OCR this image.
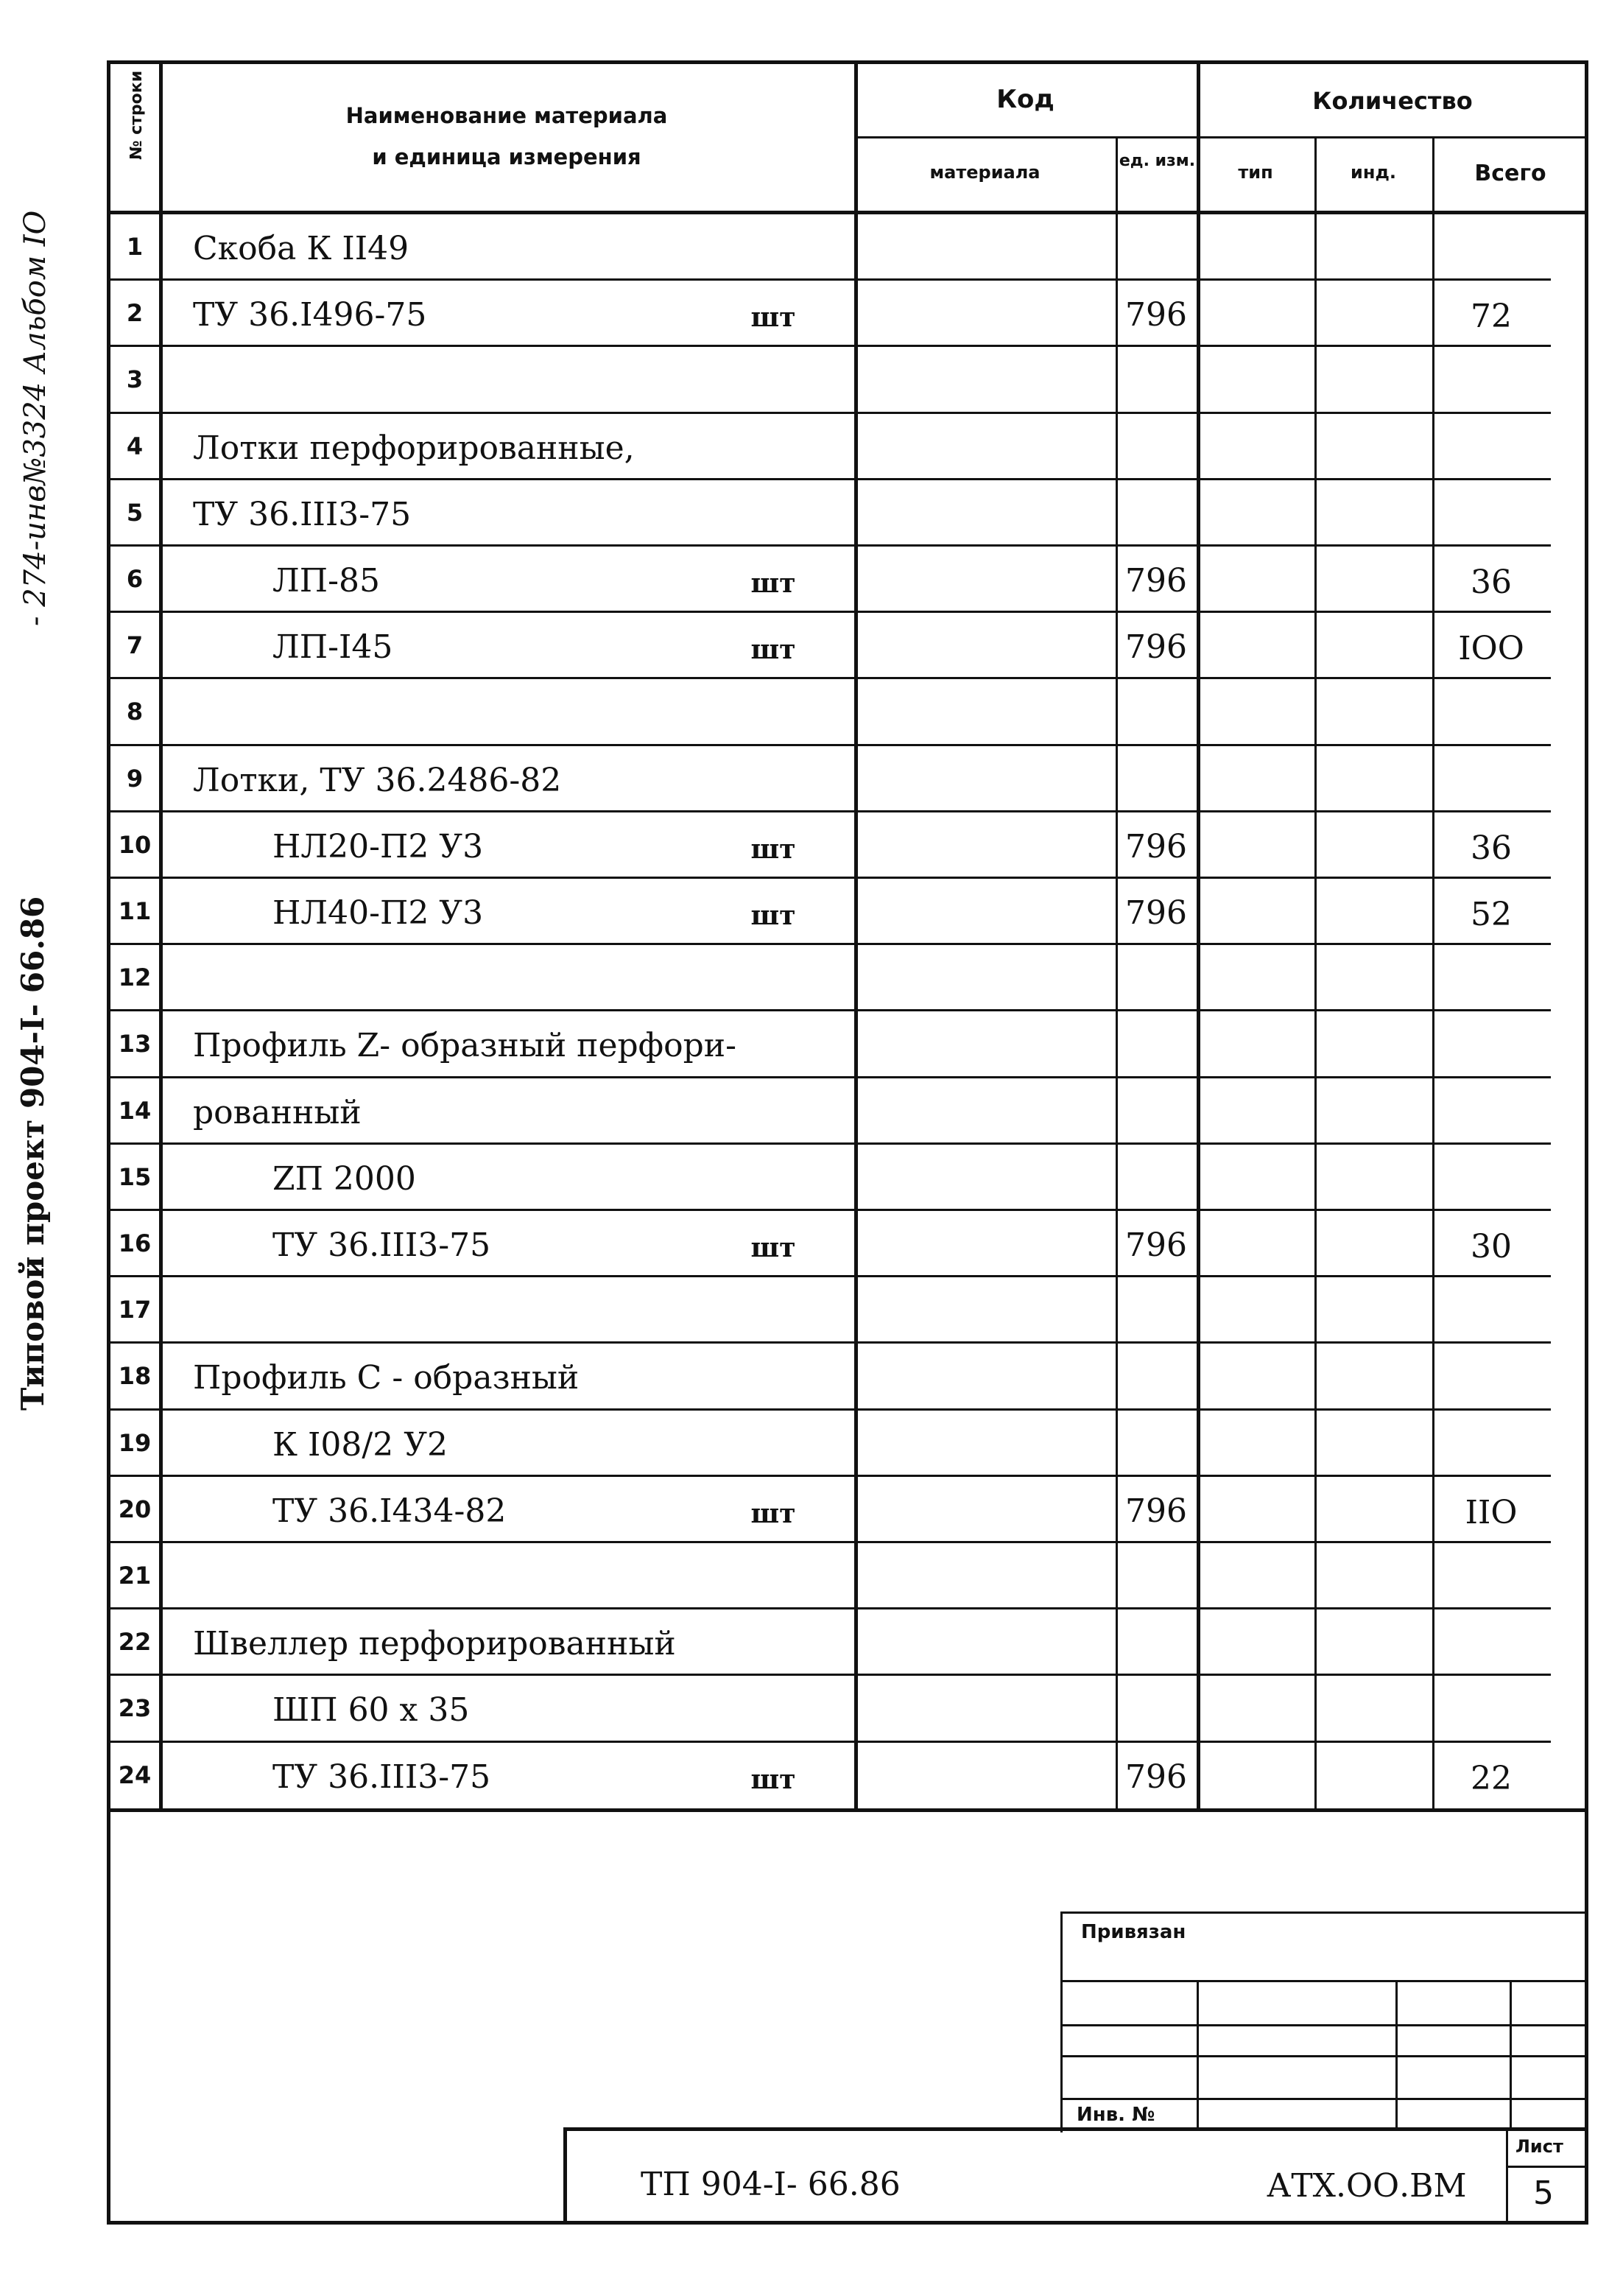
- 274-инв№3324 Альбом IO
Типовой проект 904-I- 66.86
№ строки	Наименование материала
и единица измерения
Код
материала
ед. изм.
Количество
тип	инд.	Всего
1	Скоба К II49
2	ТУ 36.I496-75	шт	796	72
3
4	Лотки перфорированные,
5	ТУ 36.III3-75
6	ЛП-85	шт	796	36
7	ЛП-I45	шт	796	IOO
8
9	Лотки, ТУ 36.2486-82
10	НЛ20-П2 У3	шт	796	36
11	НЛ40-П2 У3	шт	796	52
12
13 Профиль Z- образный перфори-
14 рованный
15	ZП 2000
16	ТУ 36.III3-75	шт	796	30
17
18 Профиль С - образный
19	К I08/2 У2
20	ТУ 36.I434-82	шт	796	IIO
21
22 Швеллер перфорированный
23	ШП 60 х 35
24	ТУ 36.III3-75	шт	796	22
Привязан
Инв. №
ТП 904-I- 66.86	АТХ.ОО.ВМ
Лист
5
